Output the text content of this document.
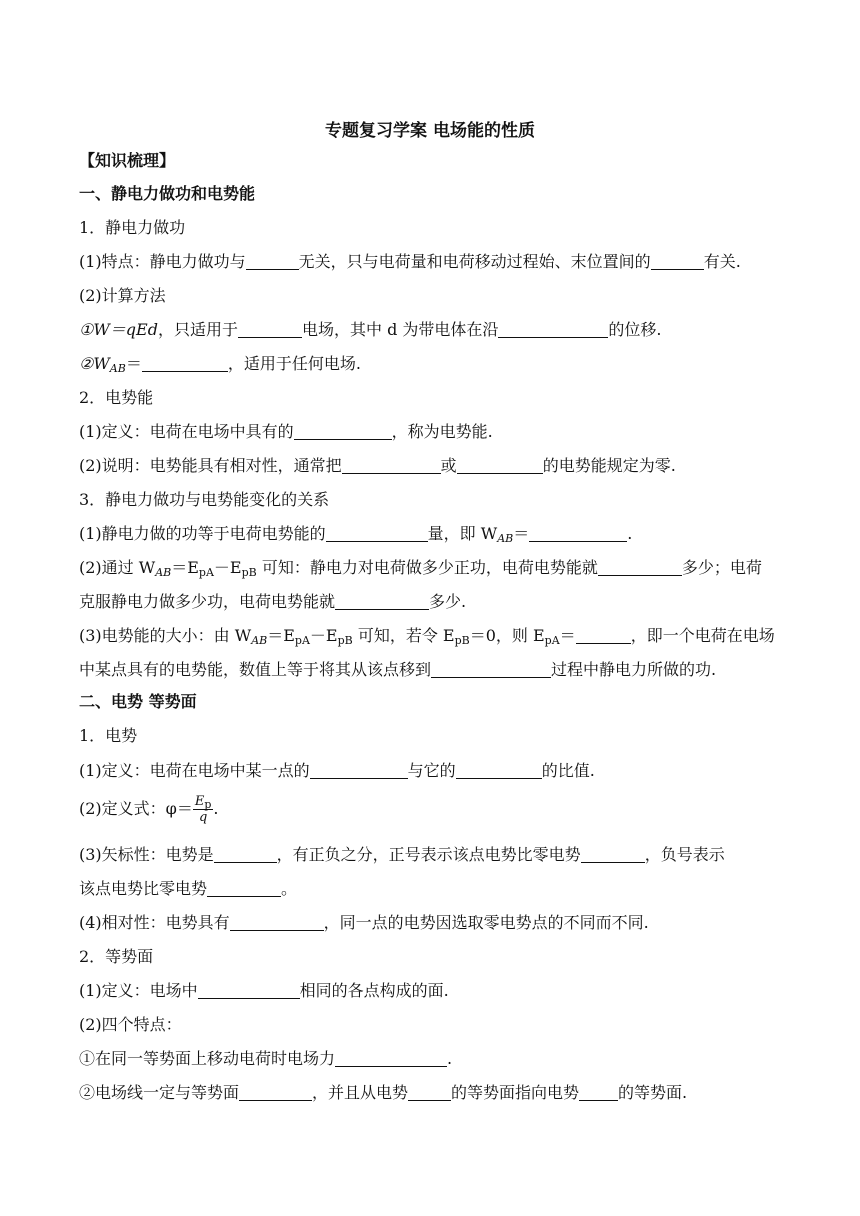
专题复习学案 电场能的性质
【知识梳理】
一、静电力做功和电势能
1．静电力做功
(1)特点：静电力做功与	无关，只与电荷量和电荷移动过程始、末位置间的	有关.
(2)计算方法
①W＝qEd，只适用于	电场，其中 d 为带电体在沿	的位移.
$②W_{AB}=$	，适用于任何电场.
2．电势能
(1)定义：电荷在电场中具有的	，称为电势能.
(2)说明：电势能具有相对性，通常把	或	的电势能规定为零.
3．静电力做功与电势能变化的关系
(1)静电力做的功等于电荷电势能的	量，即 $W_{AB}=$	.
(2)通过 $W_{AB}=E_{pA}-E_{pB}$ 可知：静电力对电荷做多少正功，电荷电势能就	多少；电荷
克服静电力做多少功，电荷电势能就	多少.
(3)电势能的大小：由 $W_{AB}=E_{pA}-E_{pB}$ 可知，若令 $E_{pB}=0$，则 $E_{pA}=$	，即一个电荷在电场
中某点具有的电势能，数值上等于将其从该点移到	过程中静电力所做的功.
二、电势 等势面
1．电势
(1)定义：电荷在电场中某一点的	与它的	的比值.
(2)定义式：$\varphi= \frac{E_p}{q}$ .
(3)矢标性：电势是	，有正负之分，正号表示该点电势比零电势	，负号表示
该点电势比零电势	。
(4)相对性：电势具有	，同一点的电势因选取零电势点的不同而不同.
2．等势面
(1)定义：电场中	相同的各点构成的面.
(2)四个特点：
①在同一等势面上移动电荷时电场力	.
②电场线一定与等势面	，并且从电势	的等势面指向电势 的等势面.
